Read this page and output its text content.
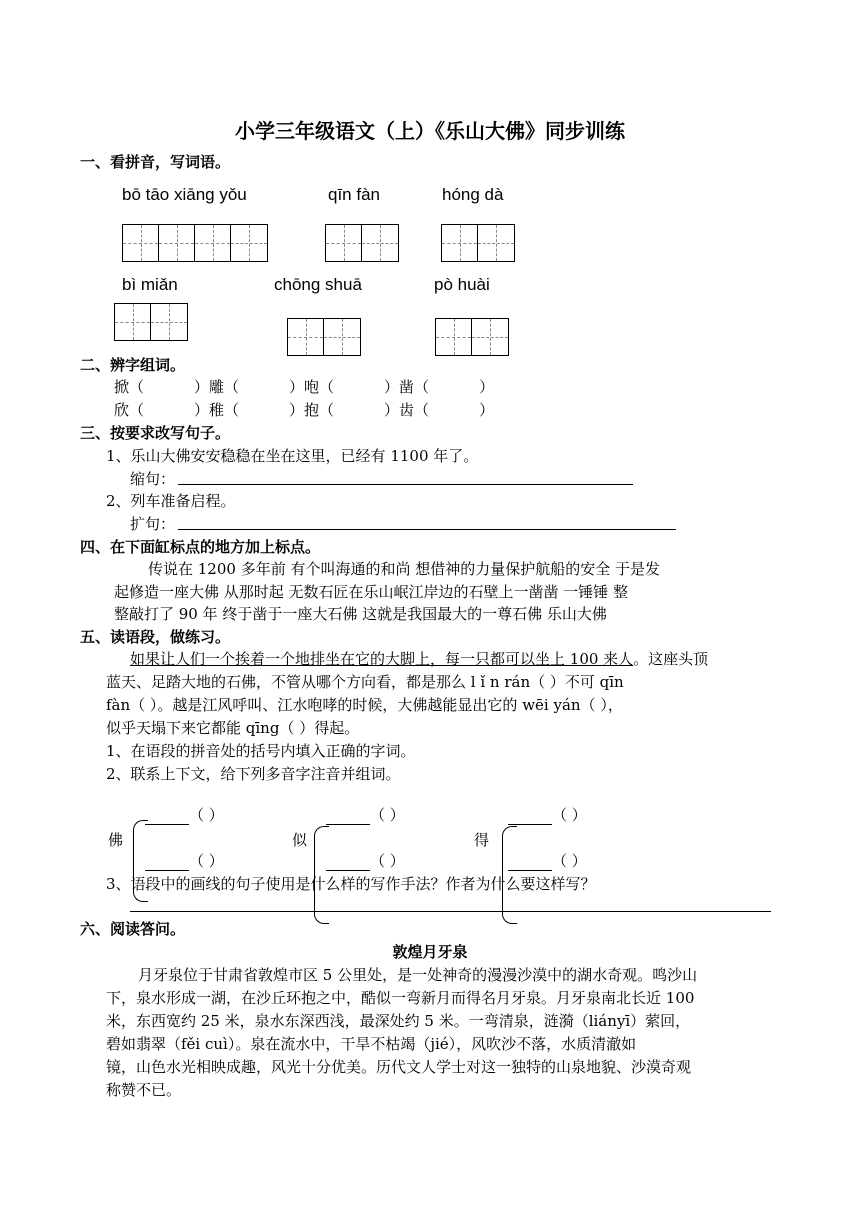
小学三年级语文（上）《乐山大佛》同步训练
一、看拼音，写词语。
bō tāo xiāng yǒu	qīn fàn	hóng dà
bì miǎn	chōng shuā	pò huài
二、辨字组词。
掀（	）雕（	）咆（	）凿（	）
欣（	）稚（	）抱（	）齿（	）
三、按要求改写句子。
1、乐山大佛安安稳稳在坐在这里，已经有 1100 年了。
缩句：
2、列车准备启程。
扩句：
四、在下面缸标点的地方加上标点。
传说在 1200 多年前 有个叫海通的和尚 想借神的力量保护航船的安全 于是发
起修造一座大佛 从那时起 无数石匠在乐山岷江岸边的石壁上一凿凿 一锤锤 整
整敲打了 90 年 终于凿于一座大石佛 这就是我国最大的一尊石佛 乐山大佛
五、读语段，做练习。
如果让人们一个挨着一个地排坐在它的大脚上，每一只都可以坐上 100 来人。这座头顶
蓝天、足踏大地的石佛，不管从哪个方向看，都是那么 l ǐ n rán（ ）不可 qīn
fàn（ ）。越是江风呼叫、江水咆哮的时候，大佛越能显出它的 wēi yán（ ），
似乎天塌下来它都能 qīng（ ）得起。
1、在语段的拼音处的括号内填入正确的字词。
2、联系上下文，给下列多音字注音并组词。
佛	似	得
（ ）	（ ）	（ ）
（ ）	（ ）	（ ）
3、语段中的画线的句子使用是什么样的写作手法？作者为什么要这样写？
六、阅读答问。
敦煌月牙泉
月牙泉位于甘肃省敦煌市区 5 公里处，是一处神奇的漫漫沙漠中的湖水奇观。鸣沙山
下，泉水形成一湖，在沙丘环抱之中，酷似一弯新月而得名月牙泉。月牙泉南北长近 100
米，东西宽约 25 米，泉水东深西浅，最深处约 5 米。一弯清泉，涟漪（liányī）萦回，
碧如翡翠（fěi cuì）。泉在流水中，干旱不枯竭（jié），风吹沙不落，水质清澈如
镜，山色水光相映成趣，风光十分优美。历代文人学士对这一独特的山泉地貌、沙漠奇观
称赞不已。
